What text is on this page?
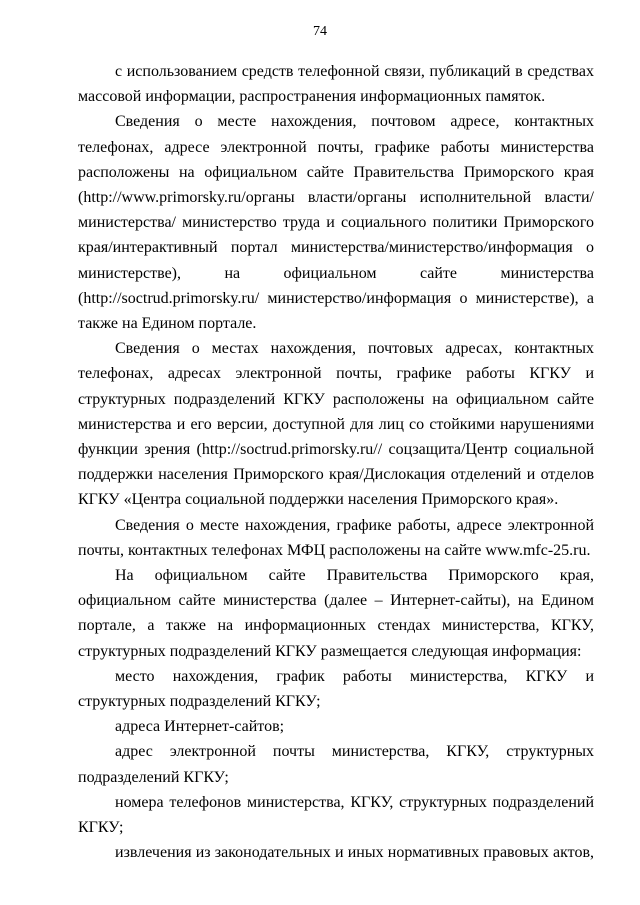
74

с использованием средств телефонной связи, публикаций в средствах массовой информации, распространения информационных памяток.

Сведения о месте нахождения, почтовом адресе, контактных телефонах, адресе электронной почты, графике работы министерства расположены на официальном сайте Правительства Приморского края (http://www.primorsky.ru/органы власти/органы исполнительной власти/ министерства/ министерство труда и социального политики Приморского края/интерактивный портал министерства/министерство/информация о министерстве), на официальном сайте министерства (http://soctrud.primorsky.ru/ министерство/информация о министерстве), а также на Едином портале.

Сведения о местах нахождения, почтовых адресах, контактных телефонах, адресах электронной почты, графике работы КГКУ и структурных подразделений КГКУ расположены на официальном сайте министерства и его версии, доступной для лиц со стойкими нарушениями функции зрения (http://soctrud.primorsky.ru// соцзащита/Центр социальной поддержки населения Приморского края/Дислокация отделений и отделов КГКУ «Центра социальной поддержки населения Приморского края».

Сведения о месте нахождения, графике работы, адресе электронной почты, контактных телефонах МФЦ расположены на сайте www.mfc-25.ru.

На официальном сайте Правительства Приморского края, официальном сайте министерства (далее – Интернет-сайты), на Едином портале, а также на информационных стендах министерства, КГКУ, структурных подразделений КГКУ размещается следующая информация:

место нахождения, график работы министерства, КГКУ и структурных подразделений КГКУ;

адреса Интернет-сайтов;

адрес электронной почты министерства, КГКУ, структурных подразделений КГКУ;

номера телефонов министерства, КГКУ, структурных подразделений КГКУ;

извлечения из законодательных и иных нормативных правовых актов,
